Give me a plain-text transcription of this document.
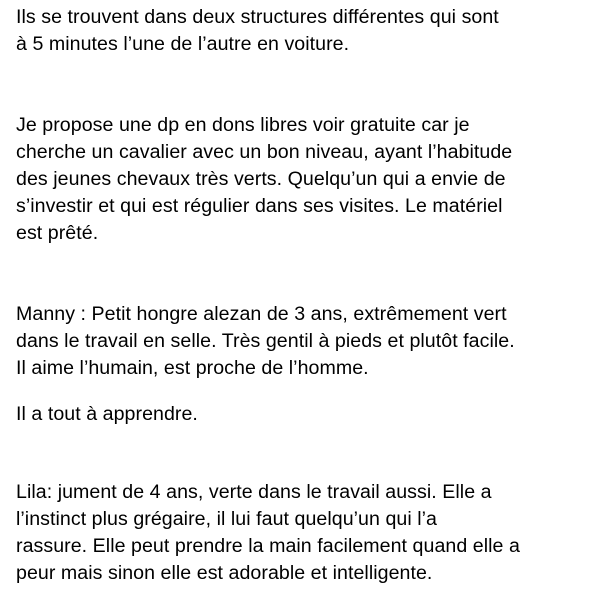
Ils se trouvent dans deux structures différentes qui sont
à 5 minutes l’une de l’autre en voiture.
Je propose une dp en dons libres voir gratuite car je
cherche un cavalier avec un bon niveau, ayant l’habitude
des jeunes chevaux très verts. Quelqu’un qui a envie de
s’investir et qui est régulier dans ses visites. Le matériel
est prêté.
Manny : Petit hongre alezan de 3 ans, extrêmement vert
dans le travail en selle. Très gentil à pieds et plutôt facile.
Il aime l’humain, est proche de l’homme.
Il a tout à apprendre.
Lila: jument de 4 ans, verte dans le travail aussi. Elle a
l’instinct plus grégaire, il lui faut quelqu’un qui l’a
rassure. Elle peut prendre la main facilement quand elle a
peur mais sinon elle est adorable et intelligente.
